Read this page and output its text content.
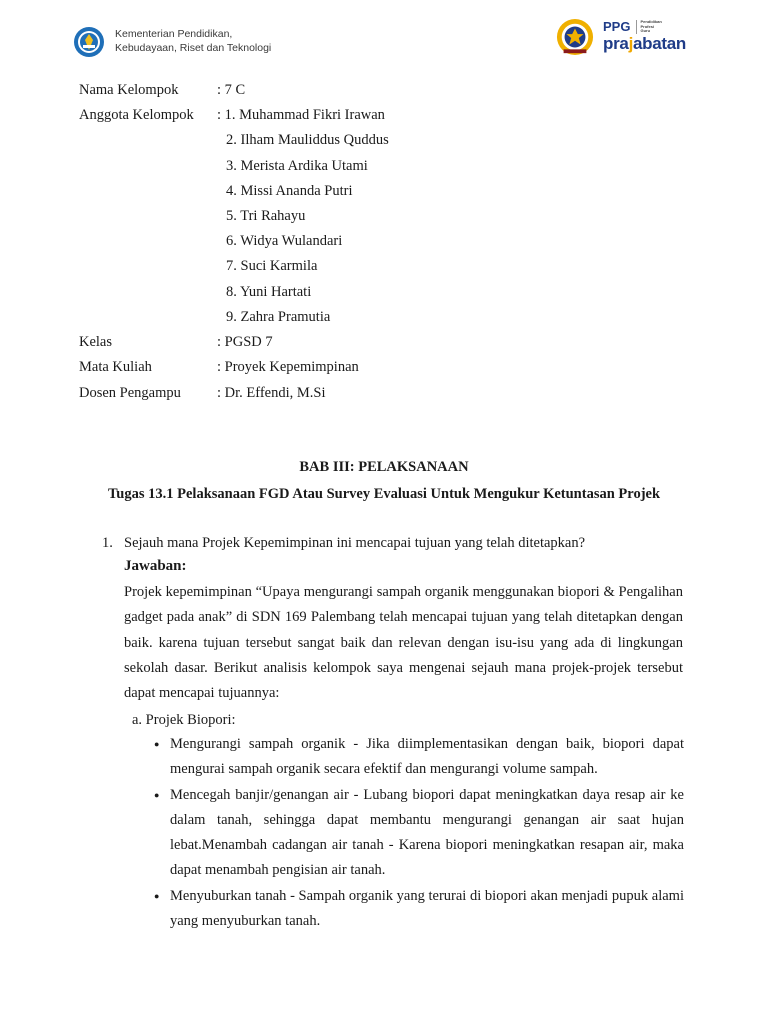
Kementerian Pendidikan,
Kebudayaan, Riset dan Teknologi
PPG	Pendidikan
Profesi
Guru
prajabatan
Nama Kelompok	: 7 C
Anggota Kelompok : 1. Muhammad Fikri Irawan
2. Ilham Mauliddus Quddus
3. Merista Ardika Utami
4. Missi Ananda Putri
5. Tri Rahayu
6. Widya Wulandari
7. Suci Karmila
8. Yuni Hartati
9. Zahra Pramutia
Kelas	: PGSD 7
Mata Kuliah	: Proyek Kepemimpinan
Dosen Pengampu : Dr. Effendi, M.Si
BAB III: PELAKSANAAN
Tugas 13.1 Pelaksanaan FGD Atau Survey Evaluasi Untuk Mengukur Ketuntasan Projek
1. Sejauh mana Projek Kepemimpinan ini mencapai tujuan yang telah ditetapkan?
Jawaban:
Projek kepemimpinan “Upaya mengurangi sampah organik menggunakan biopori & Pengalihan gadget pada anak” di SDN 169 Palembang telah mencapai tujuan yang telah ditetapkan dengan baik. karena tujuan tersebut sangat baik dan relevan dengan isu-isu yang ada di lingkungan sekolah dasar. Berikut analisis kelompok saya mengenai sejauh mana projek-projek tersebut dapat mencapai tujuannya:
a. Projek Biopori:
● Mengurangi sampah organik - Jika diimplementasikan dengan baik, biopori dapat mengurai sampah organik secara efektif dan mengurangi volume sampah.
● Mencegah banjir/genangan air - Lubang biopori dapat meningkatkan daya resap air ke dalam tanah, sehingga dapat membantu mengurangi genangan air saat hujan lebat.Menambah cadangan air tanah - Karena biopori meningkatkan resapan air, maka dapat menambah pengisian air tanah.
● Menyuburkan tanah - Sampah organik yang terurai di biopori akan menjadi pupuk alami yang menyuburkan tanah.
